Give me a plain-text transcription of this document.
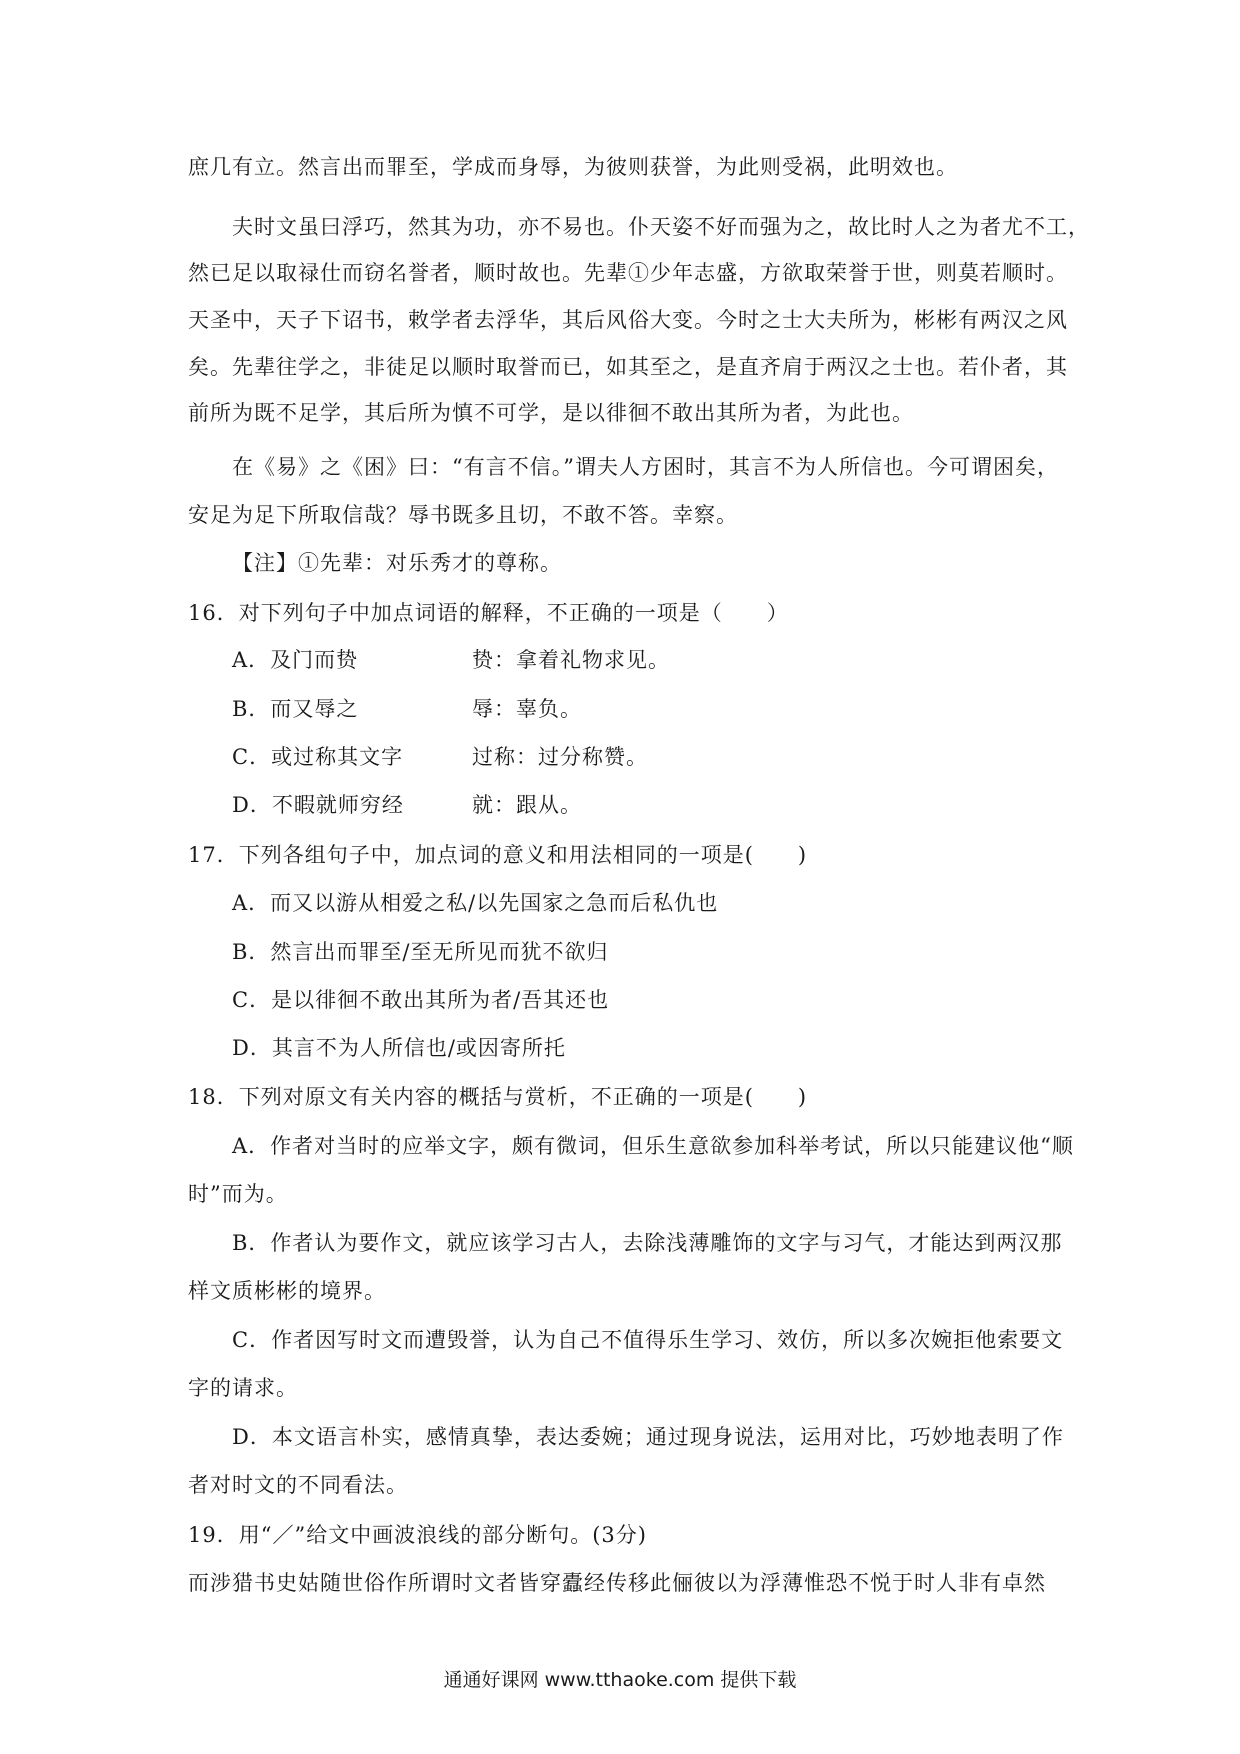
庶几有立。然言出而罪至，学成而身辱，为彼则获誉，为此则受祸，此明效也。
夫时文虽曰浮巧，然其为功，亦不易也。仆天姿不好而强为之，故比时人之为者尤不工，
然已足以取禄仕而窃名誉者，顺时故也。先辈①少年志盛，方欲取荣誉于世，则莫若顺时。
天圣中，天子下诏书，敕学者去浮华，其后风俗大变。今时之士大夫所为，彬彬有两汉之风
矣。先辈往学之，非徒足以顺时取誉而已，如其至之，是直齐肩于两汉之士也。若仆者，其
前所为既不足学，其后所为慎不可学，是以徘徊不敢出其所为者，为此也。
在《易》之《困》曰：“有言不信。”谓夫人方困时，其言不为人所信也。今可谓困矣，
安足为足下所取信哉？辱书既多且切，不敢不答。幸察。
【注】①先辈：对乐秀才的尊称。
16．对下列句子中加点词语的解释，不正确的一项是（　　）
A．及门而贽	贽：拿着礼物求见。
B．而又辱之	辱：辜负。
C．或过称其文字	过称：过分称赞。
D．不暇就师穷经	就：跟从。
17．下列各组句子中，加点词的意义和用法相同的一项是(　　)
A．而又以游从相爱之私/以先国家之急而后私仇也
B．然言出而罪至/至无所见而犹不欲归
C．是以徘徊不敢出其所为者/吾其还也
D．其言不为人所信也/或因寄所托
18．下列对原文有关内容的概括与赏析，不正确的一项是(　　)
A．作者对当时的应举文字，颇有微词，但乐生意欲参加科举考试，所以只能建议他“顺
时”而为。
B．作者认为要作文，就应该学习古人，去除浅薄雕饰的文字与习气，才能达到两汉那
样文质彬彬的境界。
C．作者因写时文而遭毁誉，认为自己不值得乐生学习、效仿，所以多次婉拒他索要文
字的请求。
D．本文语言朴实，感情真挚，表达委婉；通过现身说法，运用对比，巧妙地表明了作
者对时文的不同看法。
19．用“／”给文中画波浪线的部分断句。(3分)
而涉猎书史姑随世俗作所谓时文者皆穿蠹经传移此俪彼以为浮薄惟恐不悦于时人非有卓然
通通好课网 www.tthaoke.com 提供下载
